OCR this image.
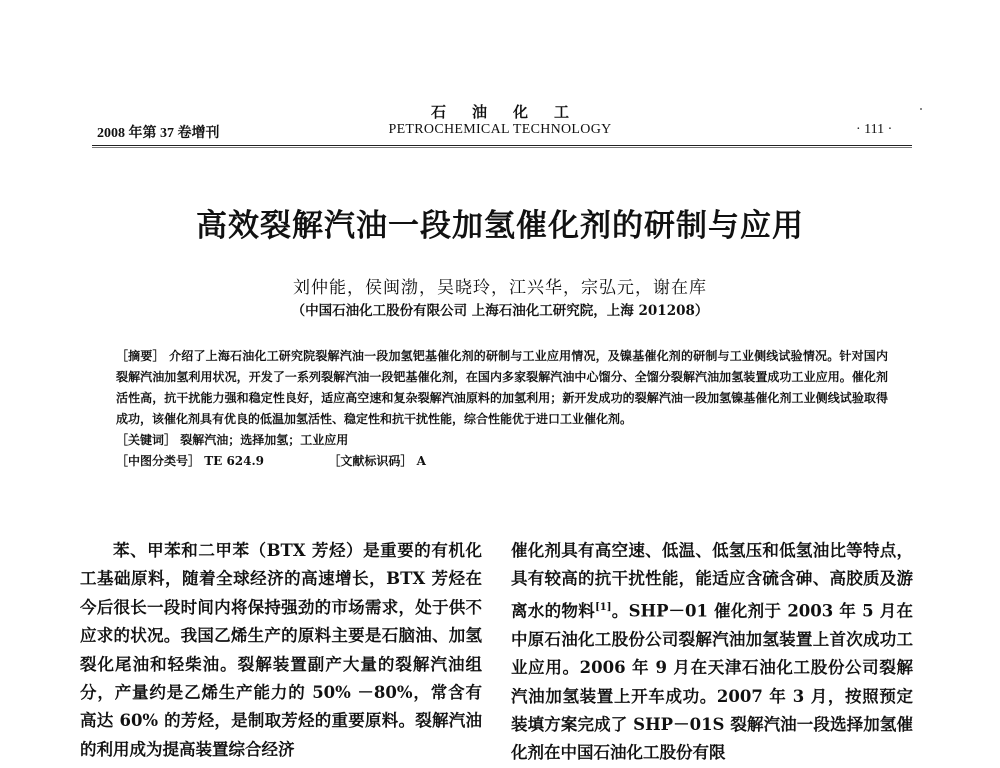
石油化工
PETROCHEMICAL TECHNOLOGY
2008 年第 37 卷增刊	· 111 ·
高效裂解汽油一段加氢催化剂的研制与应用
刘仲能，侯闽渤，吴晓玲，江兴华，宗弘元，谢在库
（中国石油化工股份有限公司 上海石油化工研究院，上海 201208）
［摘要］ 介绍了上海石油化工研究院裂解汽油一段加氢钯基催化剂的研制与工业应用情况，及镍基催化剂的研制与工业侧线试验情况。针对国内裂解汽油加氢利用状况，开发了一系列裂解汽油一段钯基催化剂，在国内多家裂解汽油中心馏分、全馏分裂解汽油加氢装置成功工业应用。催化剂活性高，抗干扰能力强和稳定性良好，适应高空速和复杂裂解汽油原料的加氢利用；新开发成功的裂解汽油一段加氢镍基催化剂工业侧线试验取得成功，该催化剂具有优良的低温加氢活性、稳定性和抗干扰性能，综合性能优于进口工业催化剂。
［关键词］ 裂解汽油；选择加氢；工业应用
［中图分类号］ TE 624.9	［文献标识码］ A
苯、甲苯和二甲苯（BTX 芳烃）是重要的有机化工基础原料，随着全球经济的高速增长，BTX 芳烃在今后很长一段时间内将保持强劲的市场需求，处于供不应求的状况。我国乙烯生产的原料主要是石脑油、加氢裂化尾油和轻柴油。裂解装置副产大量的裂解汽油组分，产量约是乙烯生产能力的 50% －80%，常含有高达 60% 的芳烃，是制取芳烃的重要原料。裂解汽油的利用成为提高装置综合经济
催化剂具有高空速、低温、低氢压和低氢油比等特点，具有较高的抗干扰性能，能适应含硫含砷、高胶质及游离水的物料[1]。SHP－01 催化剂于 2003 年 5 月在中原石油化工股份公司裂解汽油加氢装置上首次成功工业应用。2006 年 9 月在天津石油化工股份公司裂解汽油加氢装置上开车成功。2007 年 3 月，按照预定装填方案完成了 SHP－01S 裂解汽油一段选择加氢催化剂在中国石油化工股份有限
